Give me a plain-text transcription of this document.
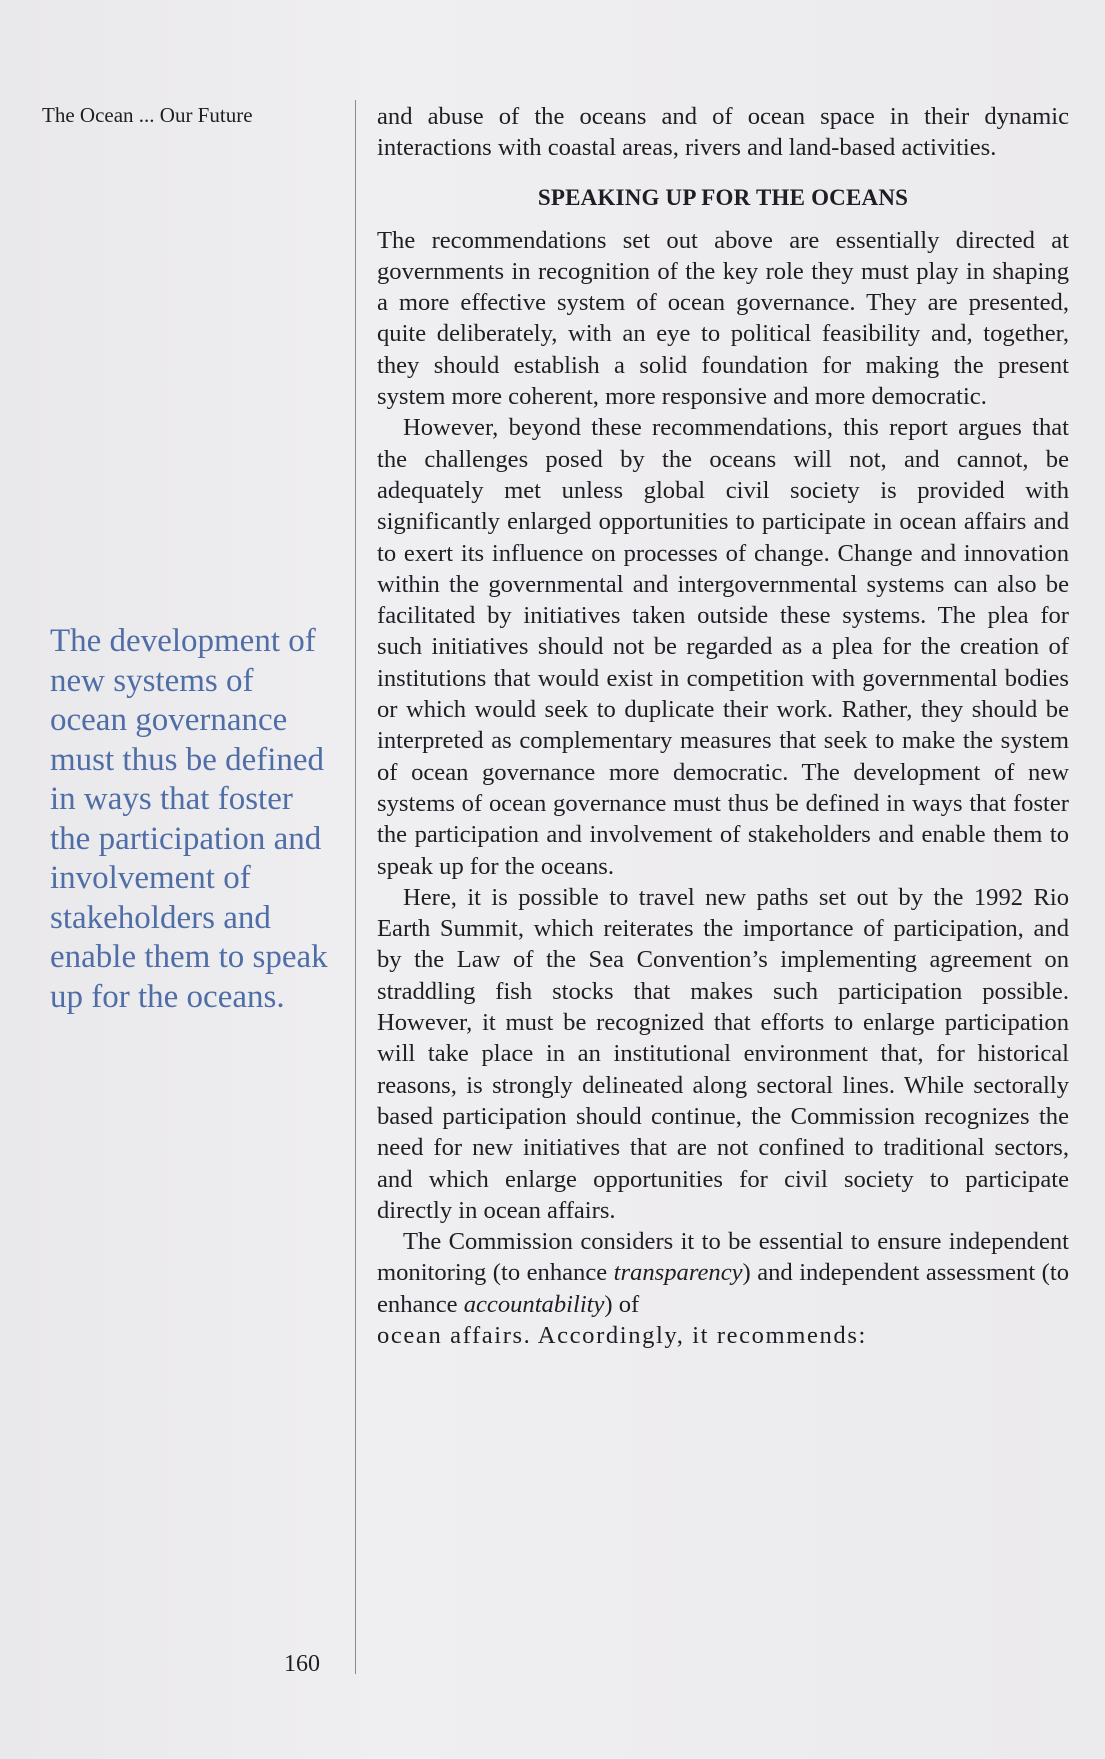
The Ocean ... Our Future

The development of new systems of ocean governance must thus be defined in ways that foster the participation and involvement of stakeholders and enable them to speak up for the oceans.

160

and abuse of the oceans and of ocean space in their dynamic interactions with coastal areas, rivers and land-based activities.

SPEAKING UP FOR THE OCEANS

The recommendations set out above are essentially directed at governments in recognition of the key role they must play in shaping a more effective system of ocean governance. They are presented, quite deliberately, with an eye to political feasibility and, together, they should establish a solid foundation for making the present system more coherent, more responsive and more democratic.

However, beyond these recommendations, this report argues that the challenges posed by the oceans will not, and cannot, be adequately met unless global civil society is provided with significantly enlarged opportunities to participate in ocean affairs and to exert its influence on processes of change. Change and innovation within the governmental and intergovernmental systems can also be facilitated by initiatives taken outside these systems. The plea for such initiatives should not be regarded as a plea for the creation of institutions that would exist in competition with governmental bodies or which would seek to duplicate their work. Rather, they should be interpreted as complementary measures that seek to make the system of ocean governance more democratic. The development of new systems of ocean governance must thus be defined in ways that foster the participation and involvement of stakeholders and enable them to speak up for the oceans.

Here, it is possible to travel new paths set out by the 1992 Rio Earth Summit, which reiterates the importance of participation, and by the Law of the Sea Convention’s implementing agreement on straddling fish stocks that makes such participation possible. However, it must be recognized that efforts to enlarge participation will take place in an institutional environment that, for historical reasons, is strongly delineated along sectoral lines. While sectorally based participation should continue, the Commission recognizes the need for new initiatives that are not confined to traditional sectors, and which enlarge opportunities for civil society to participate directly in ocean affairs.

The Commission considers it to be essential to ensure independent monitoring (to enhance transparency) and independent assessment (to enhance accountability) of

ocean affairs. Accordingly, it recommends:
